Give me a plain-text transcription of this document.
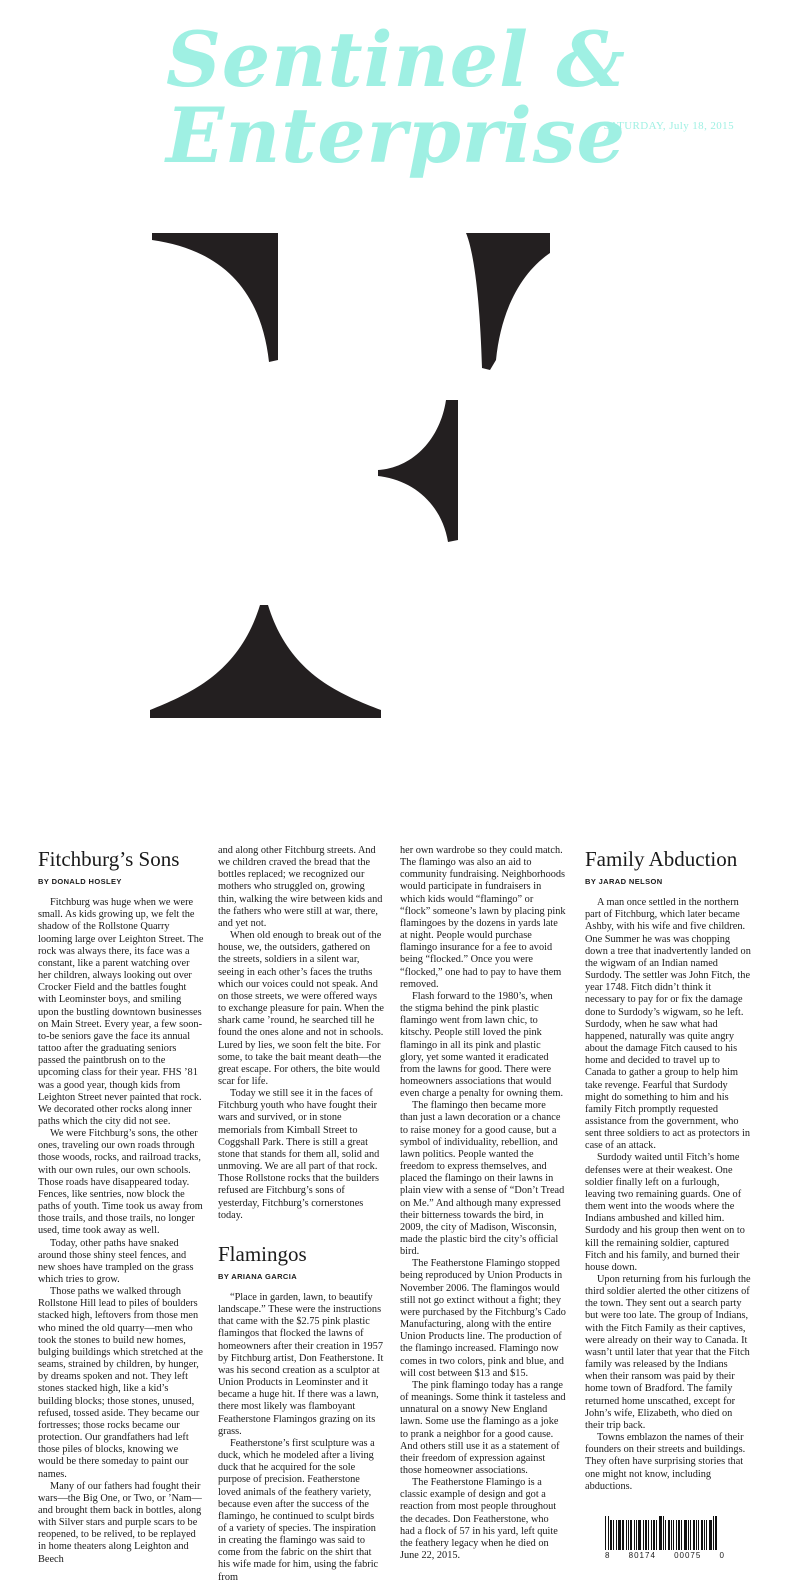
Sentinel & Enterprise
SATURDAY, July 18, 2015
Fitchburg’s Sons
BY DONALD HOSLEY

Fitchburg was huge when we were small. As kids growing up, we felt the shadow of the Rollstone Quarry looming large over Leighton Street. The rock was always there, its face was a constant, like a parent watching over her children, always looking out over Crocker Field and the battles fought with Leominster boys, and smiling upon the bustling downtown businesses on Main Street. Every year, a few soon-to-be seniors gave the face its annual tattoo after the graduating seniors passed the paintbrush on to the upcoming class for their year. FHS ’81 was a good year, though kids from Leighton Street never painted that rock. We decorated other rocks along inner paths which the city did not see.

We were Fitchburg’s sons, the other ones, traveling our own roads through those woods, rocks, and railroad tracks, with our own rules, our own schools. Those roads have disappeared today. Fences, like sentries, now block the paths of youth. Time took us away from those trails, and those trails, no longer used, time took away as well.

Today, other paths have snaked around those shiny steel fences, and new shoes have trampled on the grass which tries to grow.

Those paths we walked through Rollstone Hill lead to piles of boulders stacked high, leftovers from those men who mined the old quarry—men who took the stones to build new homes, bulging buildings which stretched at the seams, strained by children, by hunger, by dreams spoken and not. They left stones stacked high, like a kid’s building blocks; those stones, unused, refused, tossed aside. They became our fortresses; those rocks became our protection. Our grandfathers had left those piles of blocks, knowing we would be there someday to paint our names.

Many of our fathers had fought their wars—the Big One, or Two, or ’Nam—and brought them back in bottles, along with Silver stars and purple scars to be reopened, to be relived, to be replayed in home theaters along Leighton and Beech

and along other Fitchburg streets. And we children craved the bread that the bottles replaced; we recognized our mothers who struggled on, growing thin, walking the wire between kids and the fathers who were still at war, there, and yet not.

When old enough to break out of the house, we, the outsiders, gathered on the streets, soldiers in a silent war, seeing in each other’s faces the truths which our voices could not speak. And on those streets, we were offered ways to exchange pleasure for pain. When the shark came ’round, he searched till he found the ones alone and not in schools. Lured by lies, we soon felt the bite. For some, to take the bait meant death—the great escape. For others, the bite would scar for life.

Today we still see it in the faces of Fitchburg youth who have fought their wars and survived, or in stone memorials from Kimball Street to Coggshall Park. There is still a great stone that stands for them all, solid and unmoving. We are all part of that rock. Those Rollstone rocks that the builders refused are Fitchburg’s sons of yesterday, Fitchburg’s cornerstones today.

Flamingos
BY ARIANA GARCIA

“Place in garden, lawn, to beautify landscape.” These were the instructions that came with the $2.75 pink plastic flamingos that flocked the lawns of homeowners after their creation in 1957 by Fitchburg artist, Don Featherstone. It was his second creation as a sculptor at Union Products in Leominster and it became a huge hit. If there was a lawn, there most likely was flamboyant Featherstone Flamingos grazing on its grass.

Featherstone’s first sculpture was a duck, which he modeled after a living duck that he acquired for the sole purpose of precision. Featherstone loved animals of the feathery variety, because even after the success of the flamingo, he continued to sculpt birds of a variety of species. The inspiration in creating the flamingo was said to come from the fabric on the shirt that his wife made for him, using the fabric from

her own wardrobe so they could match. The flamingo was also an aid to community fundraising. Neighborhoods would participate in fundraisers in which kids would “flamingo” or “flock” someone’s lawn by placing pink flamingoes by the dozens in yards late at night. People would purchase flamingo insurance for a fee to avoid being “flocked.” Once you were “flocked,” one had to pay to have them removed.

Flash forward to the 1980’s, when the stigma behind the pink plastic flamingo went from lawn chic, to kitschy. People still loved the pink flamingo in all its pink and plastic glory, yet some wanted it eradicated from the lawns for good. There were homeowners associations that would even charge a penalty for owning them.

The flamingo then became more than just a lawn decoration or a chance to raise money for a good cause, but a symbol of individuality, rebellion, and lawn politics. People wanted the freedom to express themselves, and placed the flamingo on their lawns in plain view with a sense of “Don’t Tread on Me.” And although many expressed their bitterness towards the bird, in 2009, the city of Madison, Wisconsin, made the plastic bird the city’s official bird.

The Featherstone Flamingo stopped being reproduced by Union Products in November 2006. The flamingos would still not go extinct without a fight; they were purchased by the Fitchburg’s Cado Manufacturing, along with the entire Union Products line. The production of the flamingo increased. Flamingo now comes in two colors, pink and blue, and will cost between $13 and $15.

The pink flamingo today has a range of meanings. Some think it tasteless and unnatural on a snowy New England lawn. Some use the flamingo as a joke to prank a neighbor for a good cause. And others still use it as a statement of their freedom of expression against those homeowner associations.

The Featherstone Flamingo is a classic example of design and got a reaction from most people throughout the decades. Don Featherstone, who had a flock of 57 in his yard, left quite the feathery legacy when he died on June 22, 2015.

Family Abduction
BY JARAD NELSON

A man once settled in the northern part of Fitchburg, which later became Ashby, with his wife and five children. One Summer he was was chopping down a tree that inadvertently landed on the wigwam of an Indian named Surdody. The settler was John Fitch, the year 1748. Fitch didn’t think it necessary to pay for or fix the damage done to Surdody’s wigwam, so he left. Surdody, when he saw what had happened, naturally was quite angry about the damage Fitch caused to his home and decided to travel up to Canada to gather a group to help him take revenge. Fearful that Surdody might do something to him and his family Fitch promptly requested assistance from the government, who sent three soldiers to act as protectors in case of an attack.

Surdody waited until Fitch’s home defenses were at their weakest. One soldier finally left on a furlough, leaving two remaining guards. One of them went into the woods where the Indians ambushed and killed him. Surdody and his group then went on to kill the remaining soldier, captured Fitch and his family, and burned their house down.

Upon returning from his furlough the third soldier alerted the other citizens of the town. They sent out a search party but were too late. The group of Indians, with the Fitch Family as their captives, were already on their way to Canada. It wasn’t until later that year that the Fitch family was released by the Indians when their ransom was paid by their home town of Bradford. The family returned home unscathed, except for John’s wife, Elizabeth, who died on their trip back.

Towns emblazon the names of their founders on their streets and buildings. They often have surprising stories that one might not know, including abductions.

8 80174 00075 0
